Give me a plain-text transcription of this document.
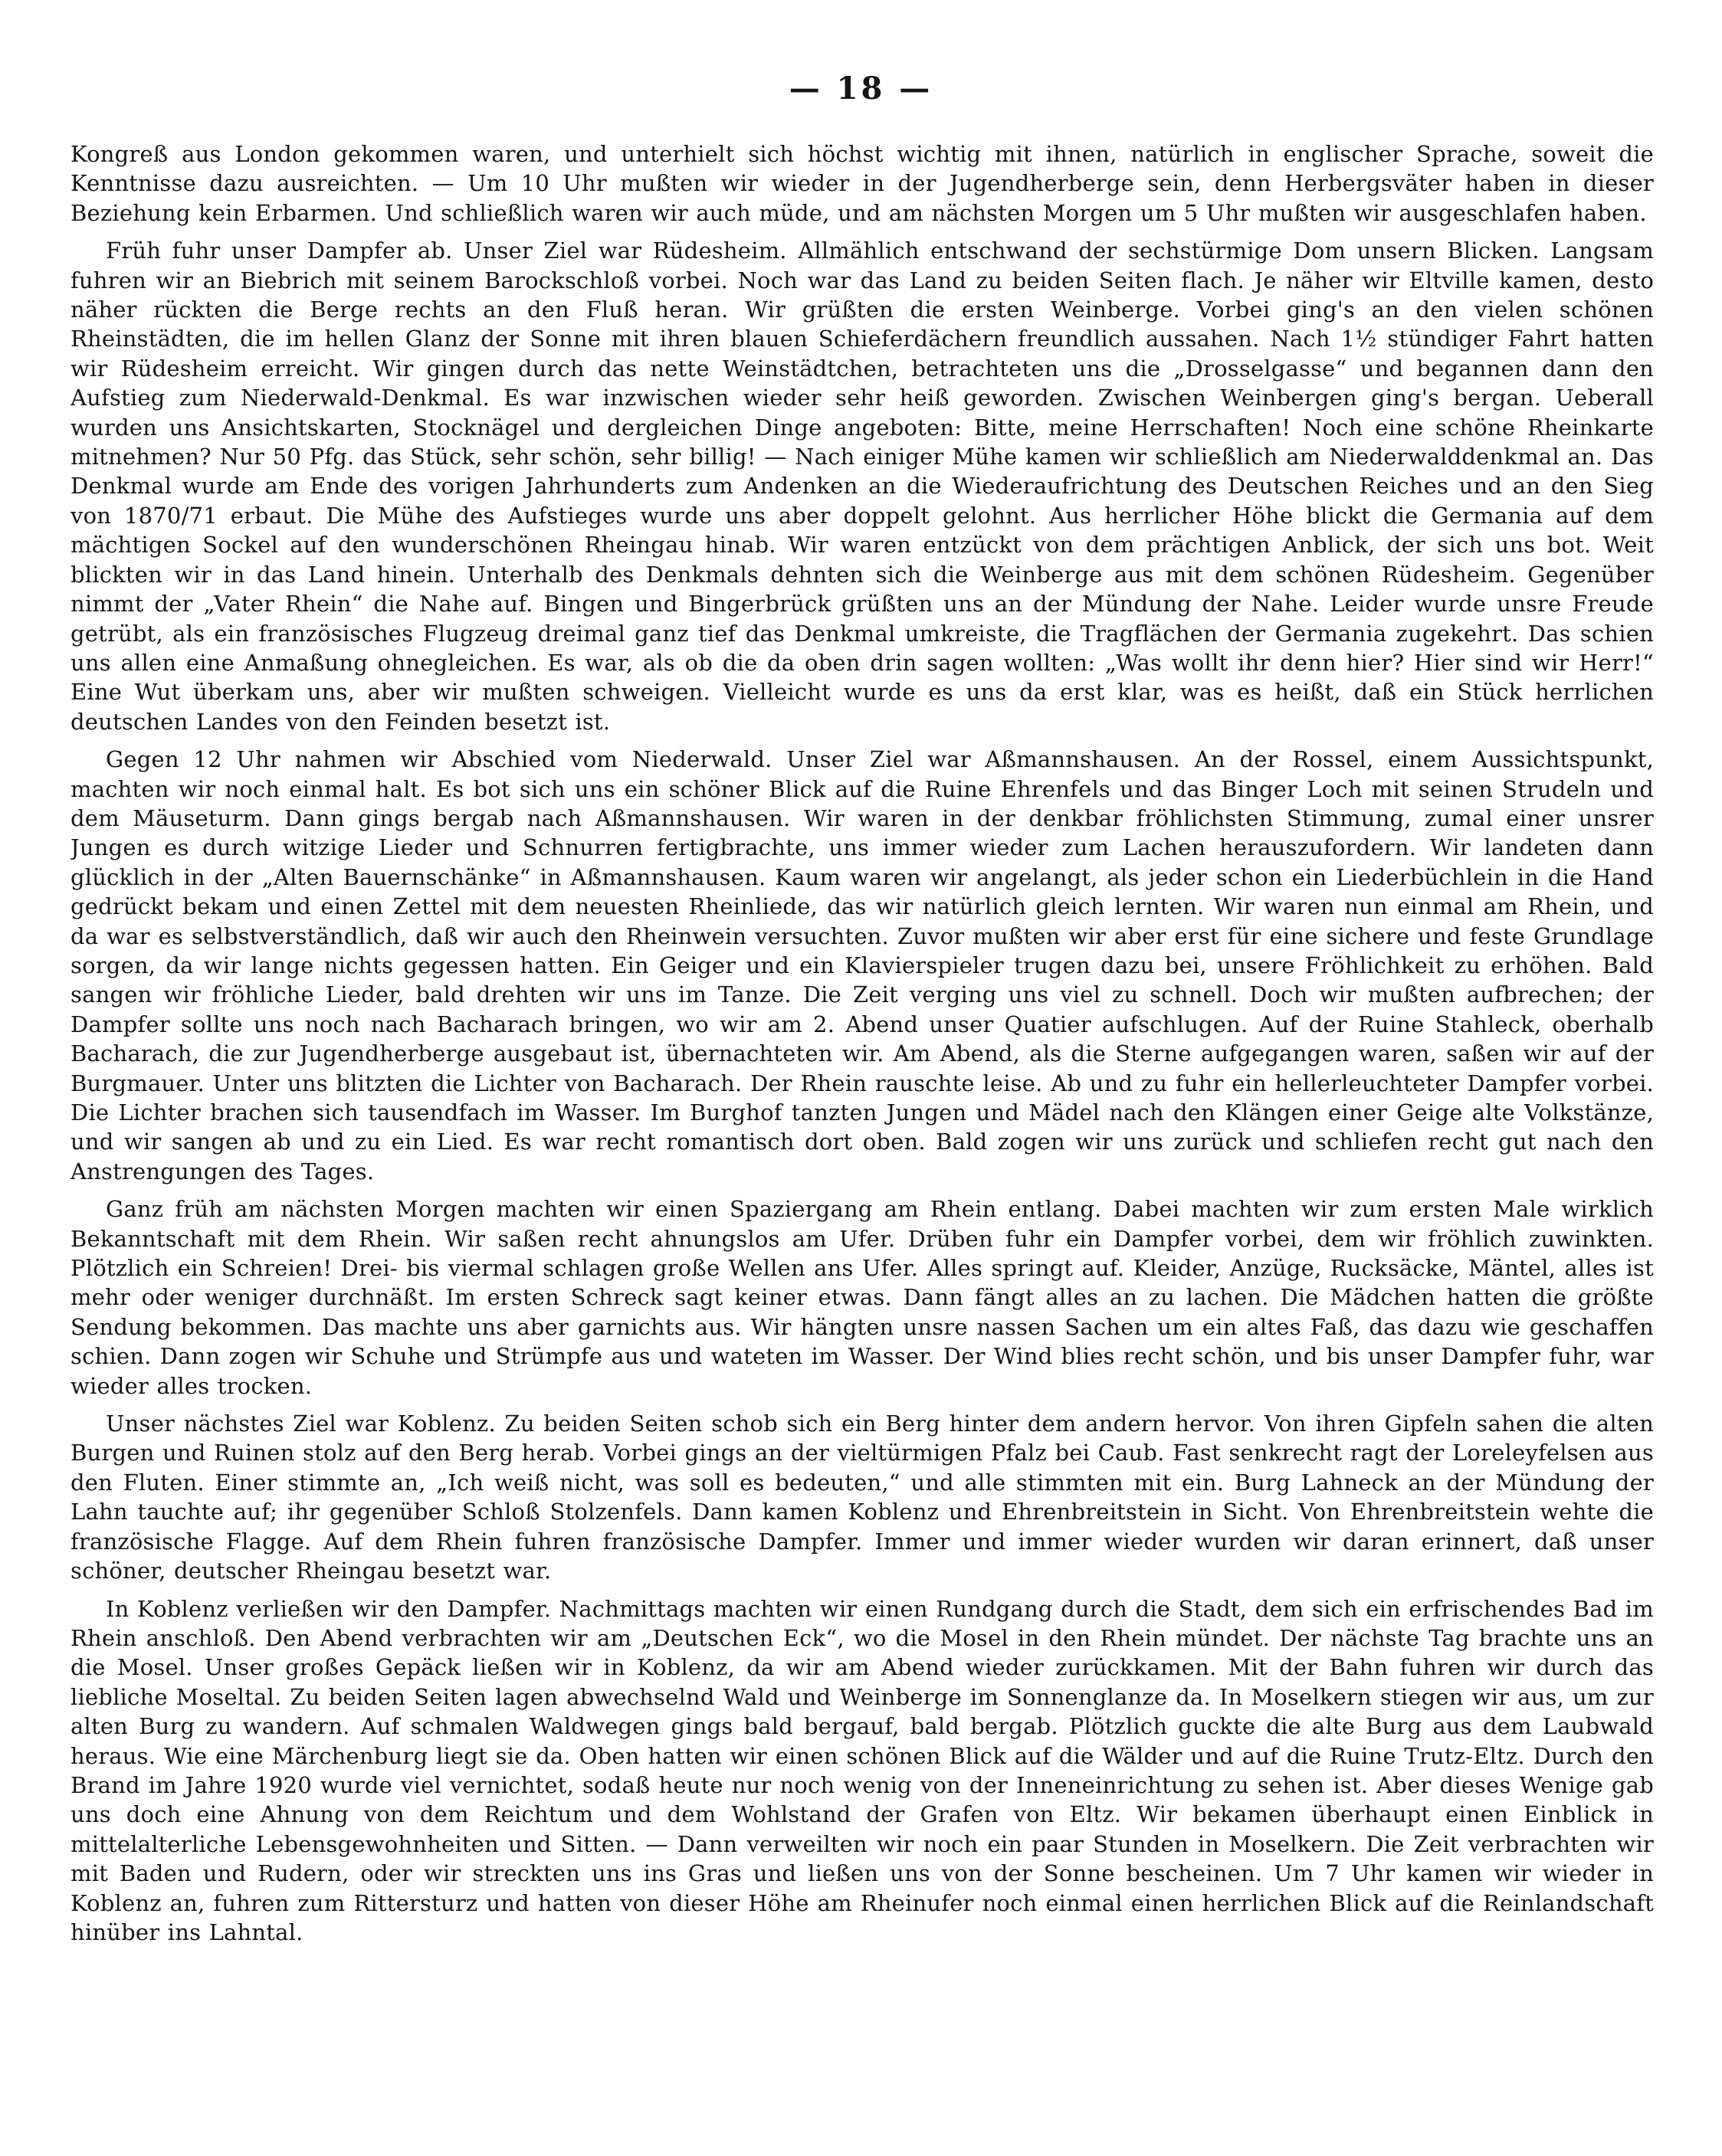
— 18 —

Kongreß aus London gekommen waren, und unterhielt sich höchst wichtig mit ihnen, natürlich in englischer Sprache, soweit die Kenntnisse dazu ausreichten. — Um 10 Uhr mußten wir wieder in der Jugendherberge sein, denn Herbergsväter haben in dieser Beziehung kein Erbarmen. Und schließlich waren wir auch müde, und am nächsten Morgen um 5 Uhr mußten wir ausgeschlafen haben.

Früh fuhr unser Dampfer ab. Unser Ziel war Rüdesheim. Allmählich entschwand der sechstürmige Dom unsern Blicken. Langsam fuhren wir an Biebrich mit seinem Barockschloß vorbei. Noch war das Land zu beiden Seiten flach. Je näher wir Eltville kamen, desto näher rückten die Berge rechts an den Fluß heran. Wir grüßten die ersten Weinberge. Vorbei ging's an den vielen schönen Rheinstädten, die im hellen Glanz der Sonne mit ihren blauen Schieferdächern freundlich aussahen. Nach 1½ stündiger Fahrt hatten wir Rüdesheim erreicht. Wir gingen durch das nette Weinstädtchen, betrachteten uns die „Drosselgasse“ und begannen dann den Aufstieg zum Niederwald-Denkmal. Es war inzwischen wieder sehr heiß geworden. Zwischen Weinbergen ging's bergan. Ueberall wurden uns Ansichtskarten, Stocknägel und dergleichen Dinge angeboten: Bitte, meine Herrschaften! Noch eine schöne Rheinkarte mitnehmen? Nur 50 Pfg. das Stück, sehr schön, sehr billig! — Nach einiger Mühe kamen wir schließlich am Niederwalddenkmal an. Das Denkmal wurde am Ende des vorigen Jahrhunderts zum Andenken an die Wiederaufrichtung des Deutschen Reiches und an den Sieg von 1870/71 erbaut. Die Mühe des Aufstieges wurde uns aber doppelt gelohnt. Aus herrlicher Höhe blickt die Germania auf dem mächtigen Sockel auf den wunderschönen Rheingau hinab. Wir waren entzückt von dem prächtigen Anblick, der sich uns bot. Weit blickten wir in das Land hinein. Unterhalb des Denkmals dehnten sich die Weinberge aus mit dem schönen Rüdesheim. Gegenüber nimmt der „Vater Rhein“ die Nahe auf. Bingen und Bingerbrück grüßten uns an der Mündung der Nahe. Leider wurde unsre Freude getrübt, als ein französisches Flugzeug dreimal ganz tief das Denkmal umkreiste, die Tragflächen der Germania zugekehrt. Das schien uns allen eine Anmaßung ohnegleichen. Es war, als ob die da oben drin sagen wollten: „Was wollt ihr denn hier? Hier sind wir Herr!“ Eine Wut überkam uns, aber wir mußten schweigen. Vielleicht wurde es uns da erst klar, was es heißt, daß ein Stück herrlichen deutschen Landes von den Feinden besetzt ist.

Gegen 12 Uhr nahmen wir Abschied vom Niederwald. Unser Ziel war Aßmannshausen. An der Rossel, einem Aussichtspunkt, machten wir noch einmal halt. Es bot sich uns ein schöner Blick auf die Ruine Ehrenfels und das Binger Loch mit seinen Strudeln und dem Mäuseturm. Dann gings bergab nach Aßmannshausen. Wir waren in der denkbar fröhlichsten Stimmung, zumal einer unsrer Jungen es durch witzige Lieder und Schnurren fertigbrachte, uns immer wieder zum Lachen herauszufordern. Wir landeten dann glücklich in der „Alten Bauernschänke“ in Aßmannshausen. Kaum waren wir angelangt, als jeder schon ein Liederbüchlein in die Hand gedrückt bekam und einen Zettel mit dem neuesten Rheinliede, das wir natürlich gleich lernten. Wir waren nun einmal am Rhein, und da war es selbstverständlich, daß wir auch den Rheinwein versuchten. Zuvor mußten wir aber erst für eine sichere und feste Grundlage sorgen, da wir lange nichts gegessen hatten. Ein Geiger und ein Klavierspieler trugen dazu bei, unsere Fröhlichkeit zu erhöhen. Bald sangen wir fröhliche Lieder, bald drehten wir uns im Tanze. Die Zeit verging uns viel zu schnell. Doch wir mußten aufbrechen; der Dampfer sollte uns noch nach Bacharach bringen, wo wir am 2. Abend unser Quatier aufschlugen. Auf der Ruine Stahleck, oberhalb Bacharach, die zur Jugendherberge ausgebaut ist, übernachteten wir. Am Abend, als die Sterne aufgegangen waren, saßen wir auf der Burgmauer. Unter uns blitzten die Lichter von Bacharach. Der Rhein rauschte leise. Ab und zu fuhr ein hellerleuchteter Dampfer vorbei. Die Lichter brachen sich tausendfach im Wasser. Im Burghof tanzten Jungen und Mädel nach den Klängen einer Geige alte Volkstänze, und wir sangen ab und zu ein Lied. Es war recht romantisch dort oben. Bald zogen wir uns zurück und schliefen recht gut nach den Anstrengungen des Tages.

Ganz früh am nächsten Morgen machten wir einen Spaziergang am Rhein entlang. Dabei machten wir zum ersten Male wirklich Bekanntschaft mit dem Rhein. Wir saßen recht ahnungslos am Ufer. Drüben fuhr ein Dampfer vorbei, dem wir fröhlich zuwinkten. Plötzlich ein Schreien! Drei- bis viermal schlagen große Wellen ans Ufer. Alles springt auf. Kleider, Anzüge, Rucksäcke, Mäntel, alles ist mehr oder weniger durchnäßt. Im ersten Schreck sagt keiner etwas. Dann fängt alles an zu lachen. Die Mädchen hatten die größte Sendung bekommen. Das machte uns aber garnichts aus. Wir hängten unsre nassen Sachen um ein altes Faß, das dazu wie geschaffen schien. Dann zogen wir Schuhe und Strümpfe aus und wateten im Wasser. Der Wind blies recht schön, und bis unser Dampfer fuhr, war wieder alles trocken.

Unser nächstes Ziel war Koblenz. Zu beiden Seiten schob sich ein Berg hinter dem andern hervor. Von ihren Gipfeln sahen die alten Burgen und Ruinen stolz auf den Berg herab. Vorbei gings an der vieltürmigen Pfalz bei Caub. Fast senkrecht ragt der Loreleyfelsen aus den Fluten. Einer stimmte an, „Ich weiß nicht, was soll es bedeuten,“ und alle stimmten mit ein. Burg Lahneck an der Mündung der Lahn tauchte auf; ihr gegenüber Schloß Stolzenfels. Dann kamen Koblenz und Ehrenbreitstein in Sicht. Von Ehrenbreitstein wehte die französische Flagge. Auf dem Rhein fuhren französische Dampfer. Immer und immer wieder wurden wir daran erinnert, daß unser schöner, deutscher Rheingau besetzt war.

In Koblenz verließen wir den Dampfer. Nachmittags machten wir einen Rundgang durch die Stadt, dem sich ein erfrischendes Bad im Rhein anschloß. Den Abend verbrachten wir am „Deutschen Eck“, wo die Mosel in den Rhein mündet. Der nächste Tag brachte uns an die Mosel. Unser großes Gepäck ließen wir in Koblenz, da wir am Abend wieder zurückkamen. Mit der Bahn fuhren wir durch das liebliche Moseltal. Zu beiden Seiten lagen abwechselnd Wald und Weinberge im Sonnenglanze da. In Moselkern stiegen wir aus, um zur alten Burg zu wandern. Auf schmalen Waldwegen gings bald bergauf, bald bergab. Plötzlich guckte die alte Burg aus dem Laubwald heraus. Wie eine Märchenburg liegt sie da. Oben hatten wir einen schönen Blick auf die Wälder und auf die Ruine Trutz-Eltz. Durch den Brand im Jahre 1920 wurde viel vernichtet, sodaß heute nur noch wenig von der Inneneinrichtung zu sehen ist. Aber dieses Wenige gab uns doch eine Ahnung von dem Reichtum und dem Wohlstand der Grafen von Eltz. Wir bekamen überhaupt einen Einblick in mittelalterliche Lebensgewohnheiten und Sitten. — Dann verweilten wir noch ein paar Stunden in Moselkern. Die Zeit verbrachten wir mit Baden und Rudern, oder wir streckten uns ins Gras und ließen uns von der Sonne bescheinen. Um 7 Uhr kamen wir wieder in Koblenz an, fuhren zum Rittersturz und hatten von dieser Höhe am Rheinufer noch einmal einen herrlichen Blick auf die Reinlandschaft hinüber ins Lahntal.
